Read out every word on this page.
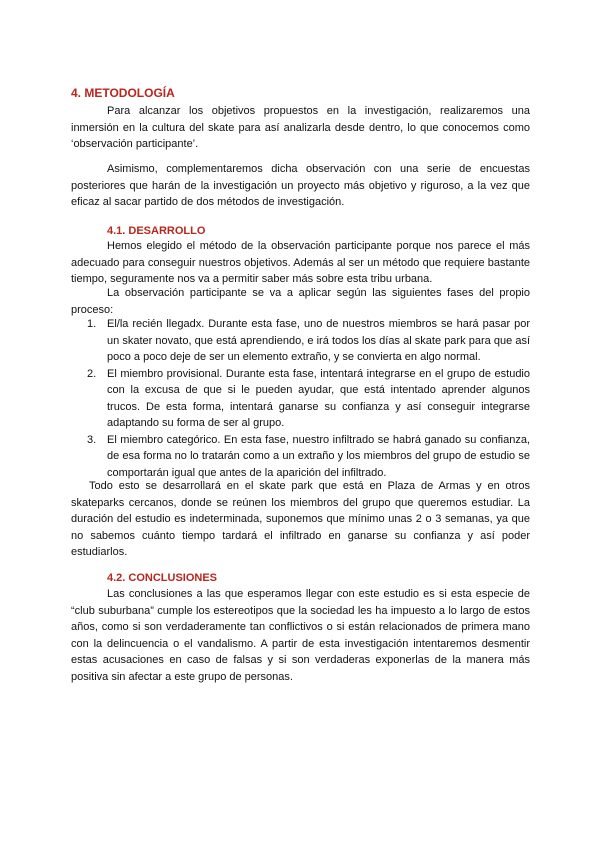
4. METODOLOGÍA

Para alcanzar los objetivos propuestos en la investigación, realizaremos una inmersión en la cultura del skate para así analizarla desde dentro, lo que conocemos como ‘observación participante’.

Asimismo, complementaremos dicha observación con una serie de encuestas posteriores que harán de la investigación un proyecto más objetivo y riguroso, a la vez que eficaz al sacar partido de dos métodos de investigación.

4.1. DESARROLLO

Hemos elegido el método de la observación participante porque nos parece el más adecuado para conseguir nuestros objetivos. Además al ser un método que requiere bastante tiempo, seguramente nos va a permitir saber más sobre esta tribu urbana.

La observación participante se va a aplicar según las siguientes fases del propio proceso:

1. El/la recién llegadx. Durante esta fase, uno de nuestros miembros se hará pasar por un skater novato, que está aprendiendo, e irá todos los días al skate park para que así poco a poco deje de ser un elemento extraño, y se convierta en algo normal.
2. El miembro provisional. Durante esta fase, intentará integrarse en el grupo de estudio con la excusa de que si le pueden ayudar, que está intentado aprender algunos trucos. De esta forma, intentará ganarse su confianza y así conseguir integrarse adaptando su forma de ser al grupo.
3. El miembro categórico. En esta fase, nuestro infiltrado se habrá ganado su confianza, de esa forma no lo tratarán como a un extraño y los miembros del grupo de estudio se comportarán igual que antes de la aparición del infiltrado.

Todo esto se desarrollará en el skate park que está en Plaza de Armas y en otros skateparks cercanos, donde se reúnen los miembros del grupo que queremos estudiar. La duración del estudio es indeterminada, suponemos que mínimo unas 2 o 3 semanas, ya que no sabemos cuánto tiempo tardará el infiltrado en ganarse su confianza y así poder estudiarlos.

4.2. CONCLUSIONES

Las conclusiones a las que esperamos llegar con este estudio es si esta especie de “club suburbana” cumple los estereotipos que la sociedad les ha impuesto a lo largo de estos años, como si son verdaderamente tan conflictivos o si están relacionados de primera mano con la delincuencia o el vandalismo. A partir de esta investigación intentaremos desmentir estas acusaciones en caso de falsas y si son verdaderas exponerlas de la manera más positiva sin afectar a este grupo de personas.
